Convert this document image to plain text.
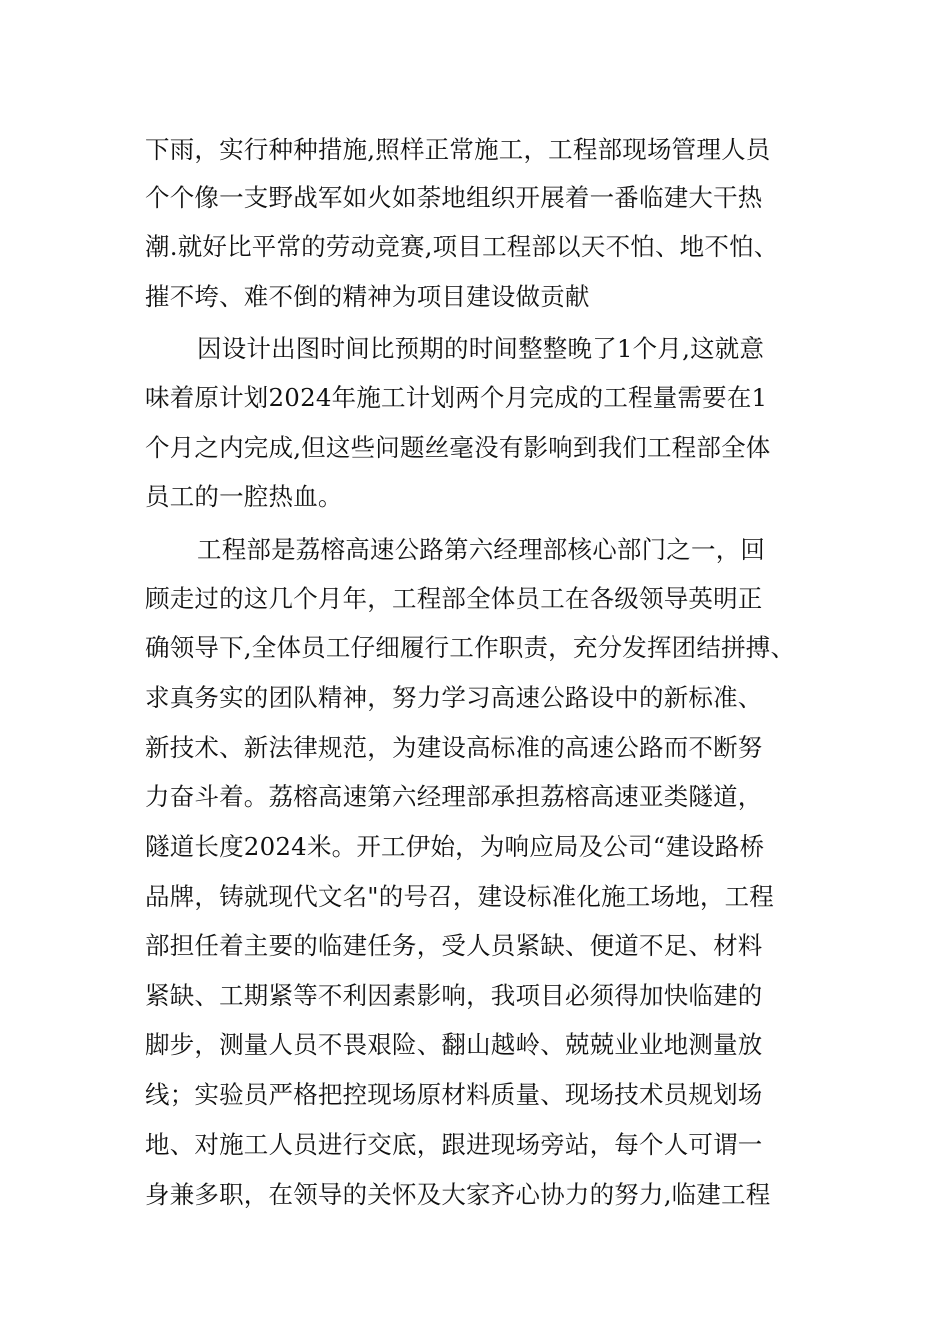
下雨，实行种种措施,照样正常施工，工程部现场管理人员
个个像一支野战军如火如荼地组织开展着一番临建大干热
潮.就好比平常的劳动竞赛,项目工程部以天不怕、地不怕、
摧不垮、难不倒的精神为项目建设做贡献
因设计出图时间比预期的时间整整晚了1个月,这就意
味着原计划2024年施工计划两个月完成的工程量需要在1
个月之内完成,但这些问题丝毫没有影响到我们工程部全体
员工的一腔热血。
工程部是荔榕高速公路第六经理部核心部门之一，回
顾走过的这几个月年，工程部全体员工在各级领导英明正
确领导下,全体员工仔细履行工作职责，充分发挥团结拼搏、
求真务实的团队精神，努力学习高速公路设中的新标准、
新技术、新法律规范，为建设高标准的高速公路而不断努
力奋斗着。荔榕高速第六经理部承担荔榕高速亚类隧道，
隧道长度2024米。开工伊始，为响应局及公司“建设路桥
品牌，铸就现代文名"的号召，建设标准化施工场地，工程
部担任着主要的临建任务，受人员紧缺、便道不足、材料
紧缺、工期紧等不利因素影响，我项目必须得加快临建的
脚步，测量人员不畏艰险、翻山越岭、兢兢业业地测量放
线；实验员严格把控现场原材料质量、现场技术员规划场
地、对施工人员进行交底，跟进现场旁站，每个人可谓一
身兼多职，在领导的关怀及大家齐心协力的努力,临建工程
